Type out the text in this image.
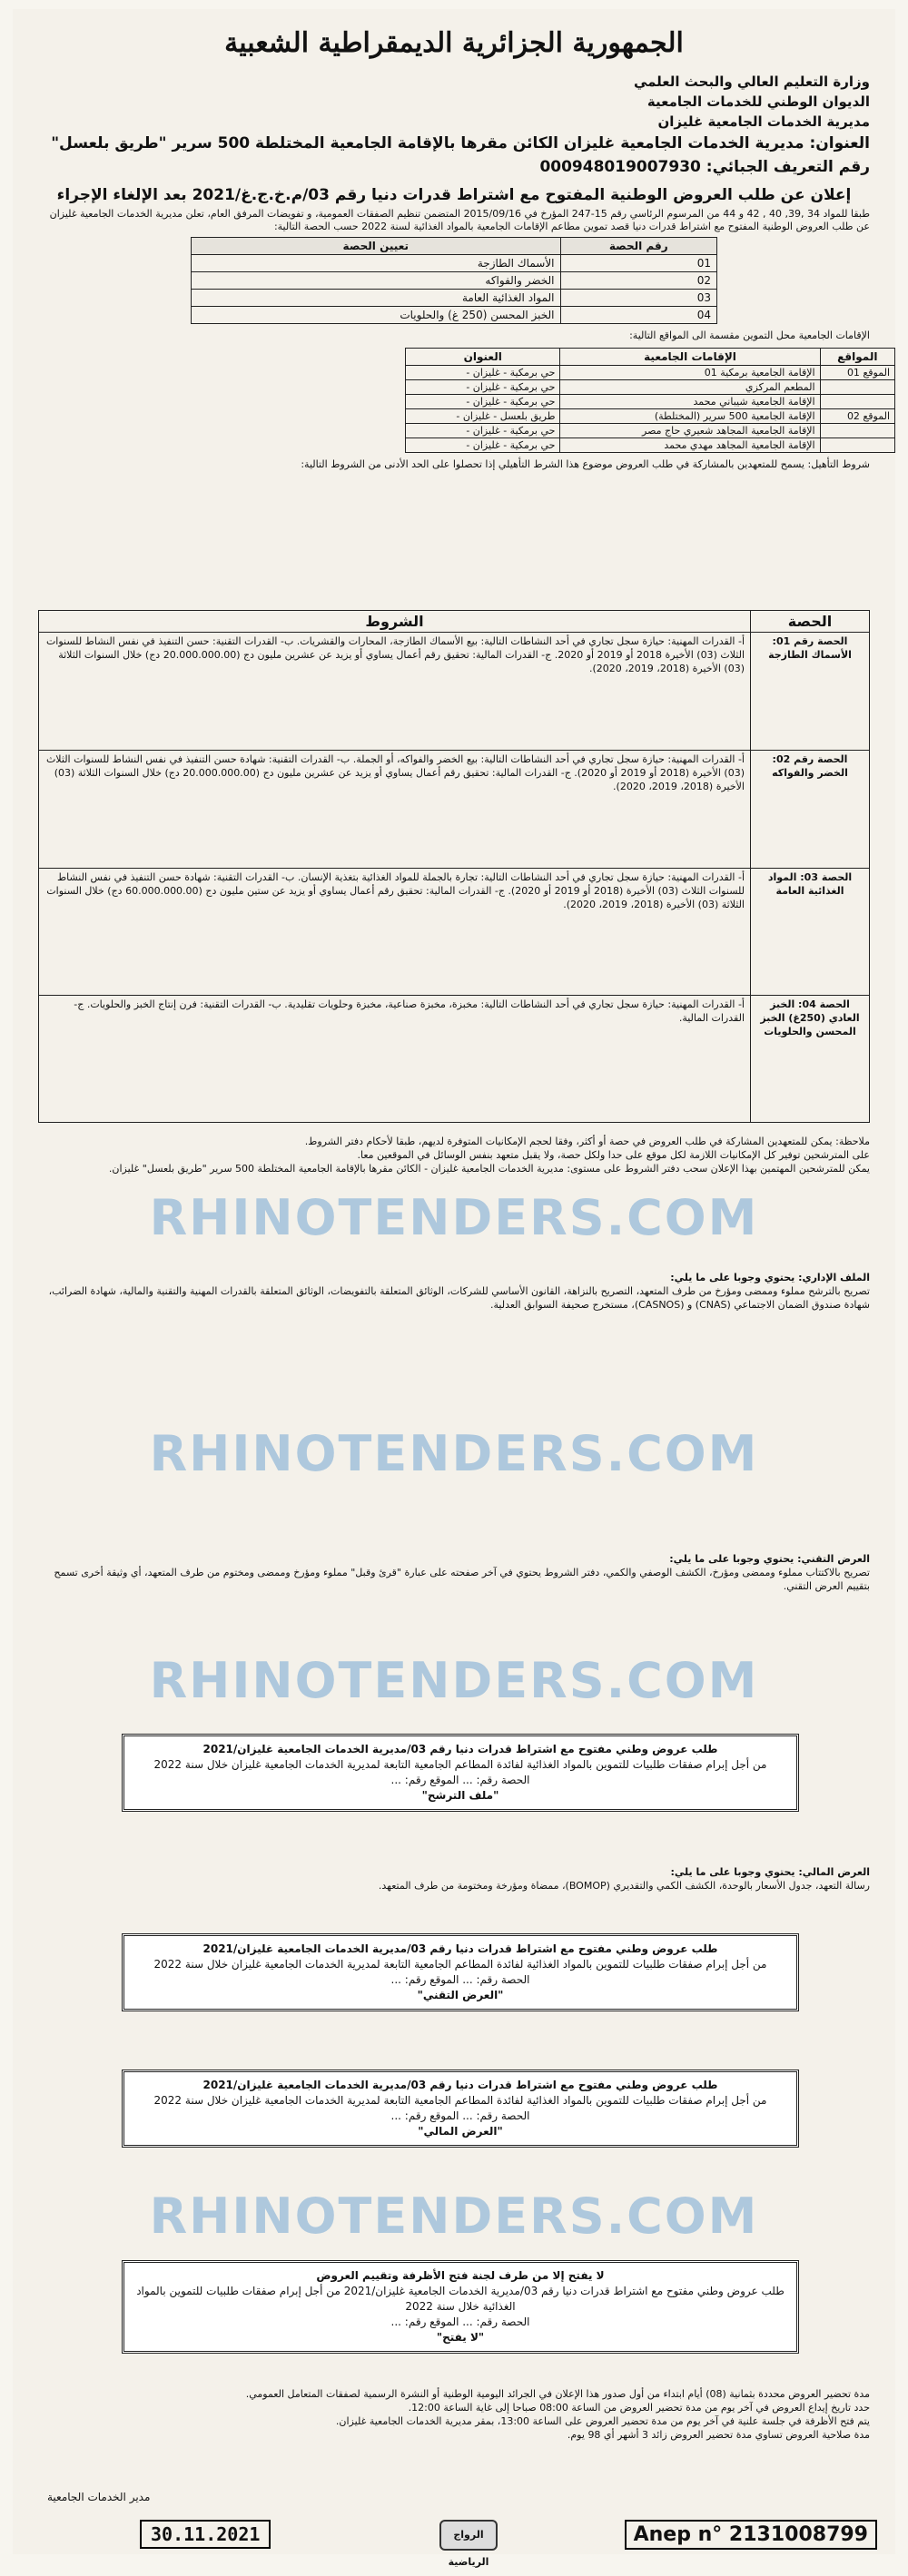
الجمهورية الجزائرية الديمقراطية الشعبية
وزارة التعليم العالي والبحث العلمي
الديوان الوطني للخدمات الجامعية
مديرية الخدمات الجامعية غليزان
العنوان: مديرية الخدمات الجامعية غليزان الكائن مقرها بالإقامة الجامعية المختلطة 500 سرير "طريق بلعسل"
رقم التعريف الجبائي: 000948019007930
إعلان عن طلب العروض الوطنية المفتوح مع اشتراط قدرات دنيا رقم 03/م.خ.ج.غ/2021 بعد الإلغاء الإجراء
طبقا للمواد 34 ,39, 40 , 42 و 44 من المرسوم الرئاسي رقم 15-247 المؤرخ في 2015/09/16 المتضمن تنظيم الصفقات العمومية، و تفويضات المرفق العام، تعلن مديرية الخدمات الجامعية غليزان عن طلب العروض الوطنية المفتوح مع اشتراط قدرات دنيا قصد تموين مطاعم الإقامات الجامعية بالمواد الغذائية لسنة 2022 حسب الحصة التالية:
رقم الحصة	تعيين الحصة
01	الأسماك الطازجة
02	الخضر والفواكه
03	المواد الغذائية العامة
04	الخبز المحسن (250 غ) والحلويات
الإقامات الجامعية محل التموين مقسمة الى المواقع التالية:
المواقع	الإقامات الجامعية	العنوان
الموقع 01	الإقامة الجامعية برمكية 01	حي برمكية - غليزان -
	المطعم المركزي	حي برمكية - غليزان -
	الإقامة الجامعية شيباني محمد	حي برمكية - غليزان -
الموقع 02	الإقامة الجامعية 500 سرير (المختلطة)	طريق بلعسل - غليزان -
	الإقامة الجامعية المجاهد شعيري حاج مصر	حي برمكية - غليزان -
	الإقامة الجامعية المجاهد مهدي محمد	حي برمكية - غليزان -
شروط التأهيل: يسمح للمتعهدين بالمشاركة في طلب العروض موضوع هذا الشرط التأهيلي إذا تحصلوا على الحد الأدنى من الشروط التالية:
الحصة	الشروط
الحصة رقم 01: الأسماك الطازجة	أ- القدرات المهنية: حيازة سجل تجاري في أحد النشاطات التالية: بيع الأسماك الطازجة، المحارات والقشريات. ب- القدرات التقنية: حسن التنفيذ في نفس النشاط للسنوات الثلاث (03) الأخيرة 2018 أو 2019 أو 2020. ج- القدرات المالية: تحقيق رقم أعمال يساوي أو يزيد عن عشرين مليون دج (20.000.000.00 دج) خلال السنوات الثلاثة (03) الأخيرة (2018، 2019، 2020).
الحصة رقم 02: الخضر والفواكه	أ- القدرات المهنية: حيازة سجل تجاري في أحد النشاطات التالية: بيع الخضر والفواكه، أو الجملة. ب- القدرات التقنية: شهادة حسن التنفيذ في نفس النشاط للسنوات الثلاث (03) الأخيرة (2018 أو 2019 أو 2020). ج- القدرات المالية: تحقيق رقم أعمال يساوي أو يزيد عن عشرين مليون دج (20.000.000.00 دج) خلال السنوات الثلاثة (03) الأخيرة (2018، 2019، 2020).
الحصة 03: المواد الغذائية العامة	أ- القدرات المهنية: حيازة سجل تجاري في أحد النشاطات التالية: تجارة بالجملة للمواد الغذائية بتغذية الإنسان. ب- القدرات التقنية: شهادة حسن التنفيذ في نفس النشاط للسنوات الثلاث (03) الأخيرة (2018 أو 2019 أو 2020). ج- القدرات المالية: تحقيق رقم أعمال يساوي أو يزيد عن ستين مليون دج (60.000.000.00 دج) خلال السنوات الثلاثة (03) الأخيرة (2018، 2019، 2020).
الحصة 04: الخبز العادي (250غ) الخبز المحسن والحلويات	أ- القدرات المهنية: حيازة سجل تجاري في أحد النشاطات التالية: مخبزة، مخبزة صناعية، مخبزة وحلويات تقليدية. ب- القدرات التقنية: فرن إنتاج الخبز والحلويات. ج- القدرات المالية.
ملاحظة: يمكن للمتعهدين المشاركة في طلب العروض في حصة أو أكثر، وفقا لحجم الإمكانيات المتوفرة لديهم، طبقا لأحكام دفتر الشروط.
على المترشحين توفير كل الإمكانيات اللازمة لكل موقع على حدا ولكل حصة، ولا يقبل متعهد بنفس الوسائل في الموقعين معا.
يمكن للمترشحين المهتمين بهذا الإعلان سحب دفتر الشروط على مستوى: مديرية الخدمات الجامعية غليزان - الكائن مقرها بالإقامة الجامعية المختلطة 500 سرير "طريق بلعسل" غليزان.
RHINOTENDERS.COM
الملف الإداري: يحتوي وجوبا على ما يلي:
تصريح بالترشح مملوء وممضى ومؤرخ من طرف المتعهد، التصريح بالنزاهة، القانون الأساسي للشركات، الوثائق المتعلقة بالتفويضات، الوثائق المتعلقة بالقدرات المهنية والتقنية والمالية، شهادة الضرائب، شهادة صندوق الضمان الاجتماعي (CNAS) و (CASNOS)، مستخرج صحيفة السوابق العدلية.
RHINOTENDERS.COM
العرض التقني: يحتوي وجوبا على ما يلي:
تصريح بالاكتتاب مملوء وممضى ومؤرخ، الكشف الوصفي والكمي، دفتر الشروط يحتوي في آخر صفحته على عبارة "قرئ وقبل" مملوء ومؤرخ وممضى ومختوم من طرف المتعهد، أي وثيقة أخرى تسمح بتقييم العرض التقني.
RHINOTENDERS.COM
طلب عروض وطني مفتوح مع اشتراط قدرات دنيا رقم 03/مديرية الخدمات الجامعية غليزان/2021
من أجل إبرام صفقات طلبيات للتموين بالمواد الغذائية لفائدة المطاعم الجامعية التابعة لمديرية الخدمات الجامعية غليزان خلال سنة 2022
الحصة رقم: ... الموقع رقم: ...
"ملف الترشح"
العرض المالي: يحتوي وجوبا على ما يلي:
رسالة التعهد، جدول الأسعار بالوحدة، الكشف الكمي والتقديري (BOMOP)، ممضاة ومؤرخة ومختومة من طرف المتعهد.
طلب عروض وطني مفتوح مع اشتراط قدرات دنيا رقم 03/مديرية الخدمات الجامعية غليزان/2021
من أجل إبرام صفقات طلبيات للتموين بالمواد الغذائية لفائدة المطاعم الجامعية التابعة لمديرية الخدمات الجامعية غليزان خلال سنة 2022
الحصة رقم: ... الموقع رقم: ...
"العرض التقني"
طلب عروض وطني مفتوح مع اشتراط قدرات دنيا رقم 03/مديرية الخدمات الجامعية غليزان/2021
من أجل إبرام صفقات طلبيات للتموين بالمواد الغذائية لفائدة المطاعم الجامعية التابعة لمديرية الخدمات الجامعية غليزان خلال سنة 2022
الحصة رقم: ... الموقع رقم: ...
"العرض المالي"
RHINOTENDERS.COM
لا يفتح إلا من طرف لجنة فتح الأظرفة وتقييم العروض
طلب عروض وطني مفتوح مع اشتراط قدرات دنيا رقم 03/مديرية الخدمات الجامعية غليزان/2021 من أجل إبرام صفقات طلبيات للتموين بالمواد الغذائية خلال سنة 2022
الحصة رقم: ... الموقع رقم: ...
"لا يفتح"
مدة تحضير العروض محددة بثمانية (08) أيام ابتداء من أول صدور هذا الإعلان في الجرائد اليومية الوطنية أو النشرة الرسمية لصفقات المتعامل العمومي.
حدد تاريخ إيداع العروض في آخر يوم من مدة تحضير العروض من الساعة 08:00 صباحا إلى غاية الساعة 12:00.
يتم فتح الأظرفة في جلسة علنية في آخر يوم من مدة تحضير العروض على الساعة 13:00، بمقر مديرية الخدمات الجامعية غليزان.
مدة صلاحية العروض تساوي مدة تحضير العروض زائد 3 أشهر أي 98 يوم.
مدير الخدمات الجامعية
30.11.2021	الرواج الرياضية
Anep n° 2131008799
